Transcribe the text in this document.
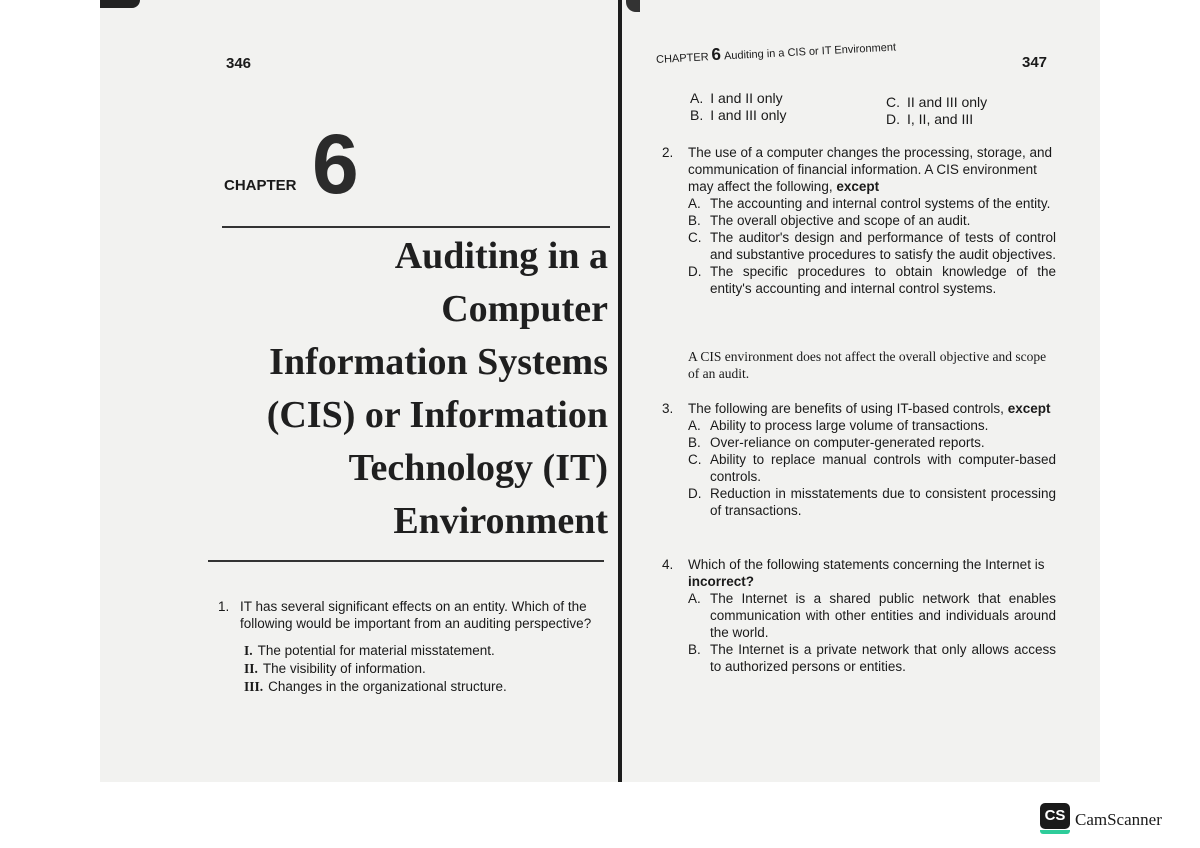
346
CHAPTER 6
Auditing in a
Computer
Information Systems
(CIS) or Information
Technology (IT)
Environment
1. IT has several significant effects on an entity. Which of the following would be important from an auditing perspective?
I. The potential for material misstatement.
II. The visibility of information.
III. Changes in the organizational structure.
CHAPTER 6 Auditing in a CIS or IT Environment
347
A. I and II only
B. I and III only
C. II and III only
D. I, II, and III
2. The use of a computer changes the processing, storage, and communication of financial information. A CIS environment may affect the following, except
A. The accounting and internal control systems of the entity.
B. The overall objective and scope of an audit.
C. The auditor's design and performance of tests of control and substantive procedures to satisfy the audit objectives.
D. The specific procedures to obtain knowledge of the entity's accounting and internal control systems.
A CIS environment does not affect the overall objective and scope of an audit.
3. The following are benefits of using IT-based controls, except
A. Ability to process large volume of transactions.
B. Over-reliance on computer-generated reports.
C. Ability to replace manual controls with computer-based controls.
D. Reduction in misstatements due to consistent processing of transactions.
4. Which of the following statements concerning the Internet is incorrect?
A. The Internet is a shared public network that enables communication with other entities and individuals around the world.
B. The Internet is a private network that only allows access to authorized persons or entities.
CS CamScanner
